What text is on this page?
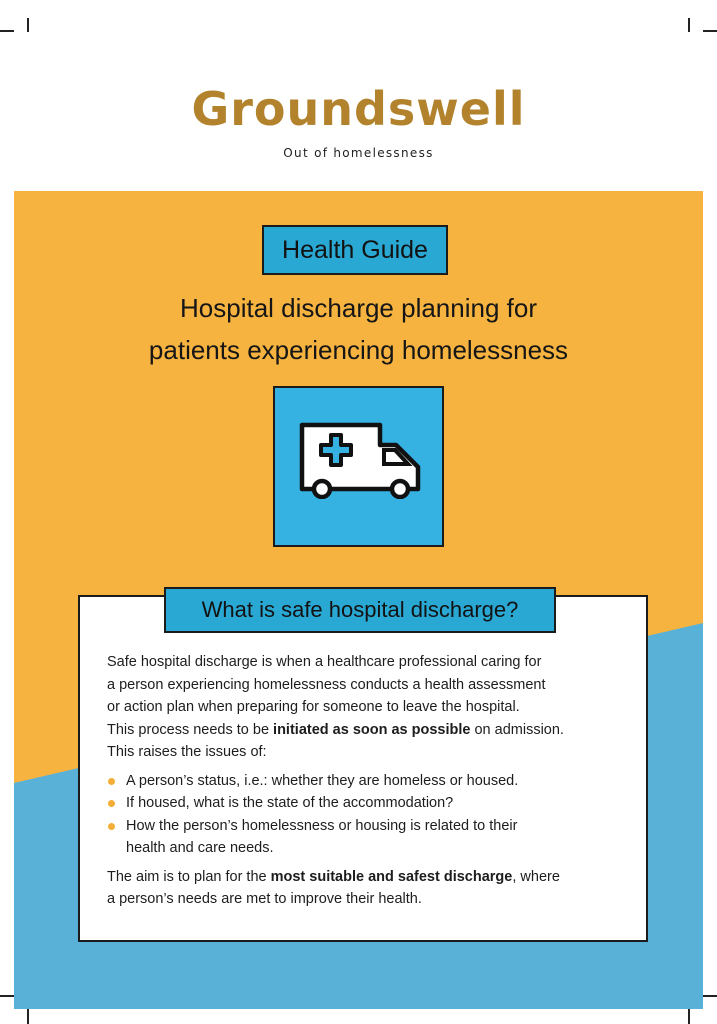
Groundswell
Out of homelessness
Health Guide
Hospital discharge planning for
patients experiencing homelessness
What is safe hospital discharge?

Safe hospital discharge is when a healthcare professional caring for
a person experiencing homelessness conducts a health assessment
or action plan when preparing for someone to leave the hospital.
This process needs to be initiated as soon as possible on admission.
This raises the issues of:

A person’s status, i.e.: whether they are homeless or housed.
If housed, what is the state of the accommodation?
How the person’s homelessness or housing is related to their
health and care needs.

The aim is to plan for the most suitable and safest discharge, where
a person’s needs are met to improve their health.
